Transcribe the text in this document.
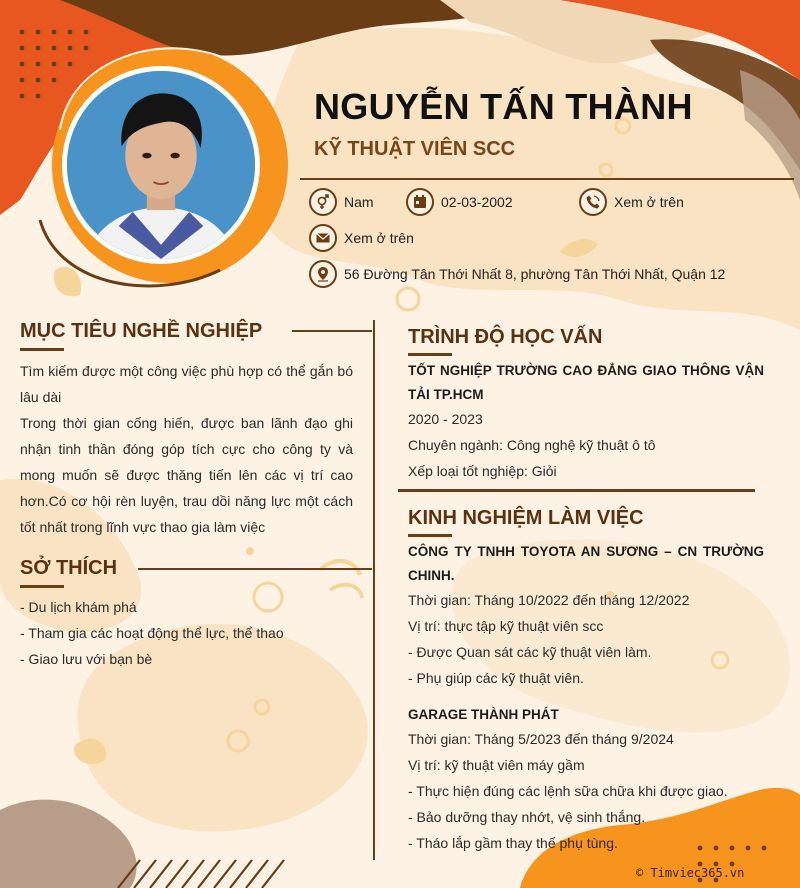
NGUYỄN TẤN THÀNH
KỸ THUẬT VIÊN SCC
Nam	02-03-2002	Xem ở trên
Xem ở trên
56 Đường Tân Thới Nhất 8, phường Tân Thới Nhất, Quận 12
MỤC TIÊU NGHỀ NGHIỆP
Tìm kiếm được một công việc phù hợp có thể gắn bó lâu dài
Trong thời gian cống hiến, được ban lãnh đạo ghi nhận tinh thần đóng góp tích cực cho công ty và mong muốn sẽ được thăng tiến lên các vị trí cao hơn.Có cơ hội rèn luyện, trau dồi năng lực một cách tốt nhất trong lĩnh vực thao gia làm việc
SỞ THÍCH
- Du lịch khám phá
- Tham gia các hoạt động thể lực, thể thao
- Giao lưu với bạn bè
TRÌNH ĐỘ HỌC VẤN
TỐT NGHIỆP TRƯỜNG CAO ĐẲNG GIAO THÔNG VẬN TẢI TP.HCM
2020 - 2023
Chuyên ngành: Công nghệ kỹ thuật ô tô
Xếp loại tốt nghiệp: Giỏi
KINH NGHIỆM LÀM VIỆC
CÔNG TY TNHH TOYOTA AN SƯƠNG – CN TRƯỜNG CHINH.
Thời gian: Tháng 10/2022 đến tháng 12/2022
Vị trí: thực tập kỹ thuật viên scc
- Được Quan sát các kỹ thuật viên làm.
- Phụ giúp các kỹ thuật viên.
GARAGE THÀNH PHÁT
Thời gian: Tháng 5/2023 đến tháng 9/2024
Vị trí: kỹ thuật viên máy gầm
- Thực hiện đúng các lệnh sữa chữa khi được giao.
- Bảo dưỡng thay nhớt, vệ sinh thắng.
- Tháo lắp gầm thay thế phụ tùng.
© Timviec365.vn
